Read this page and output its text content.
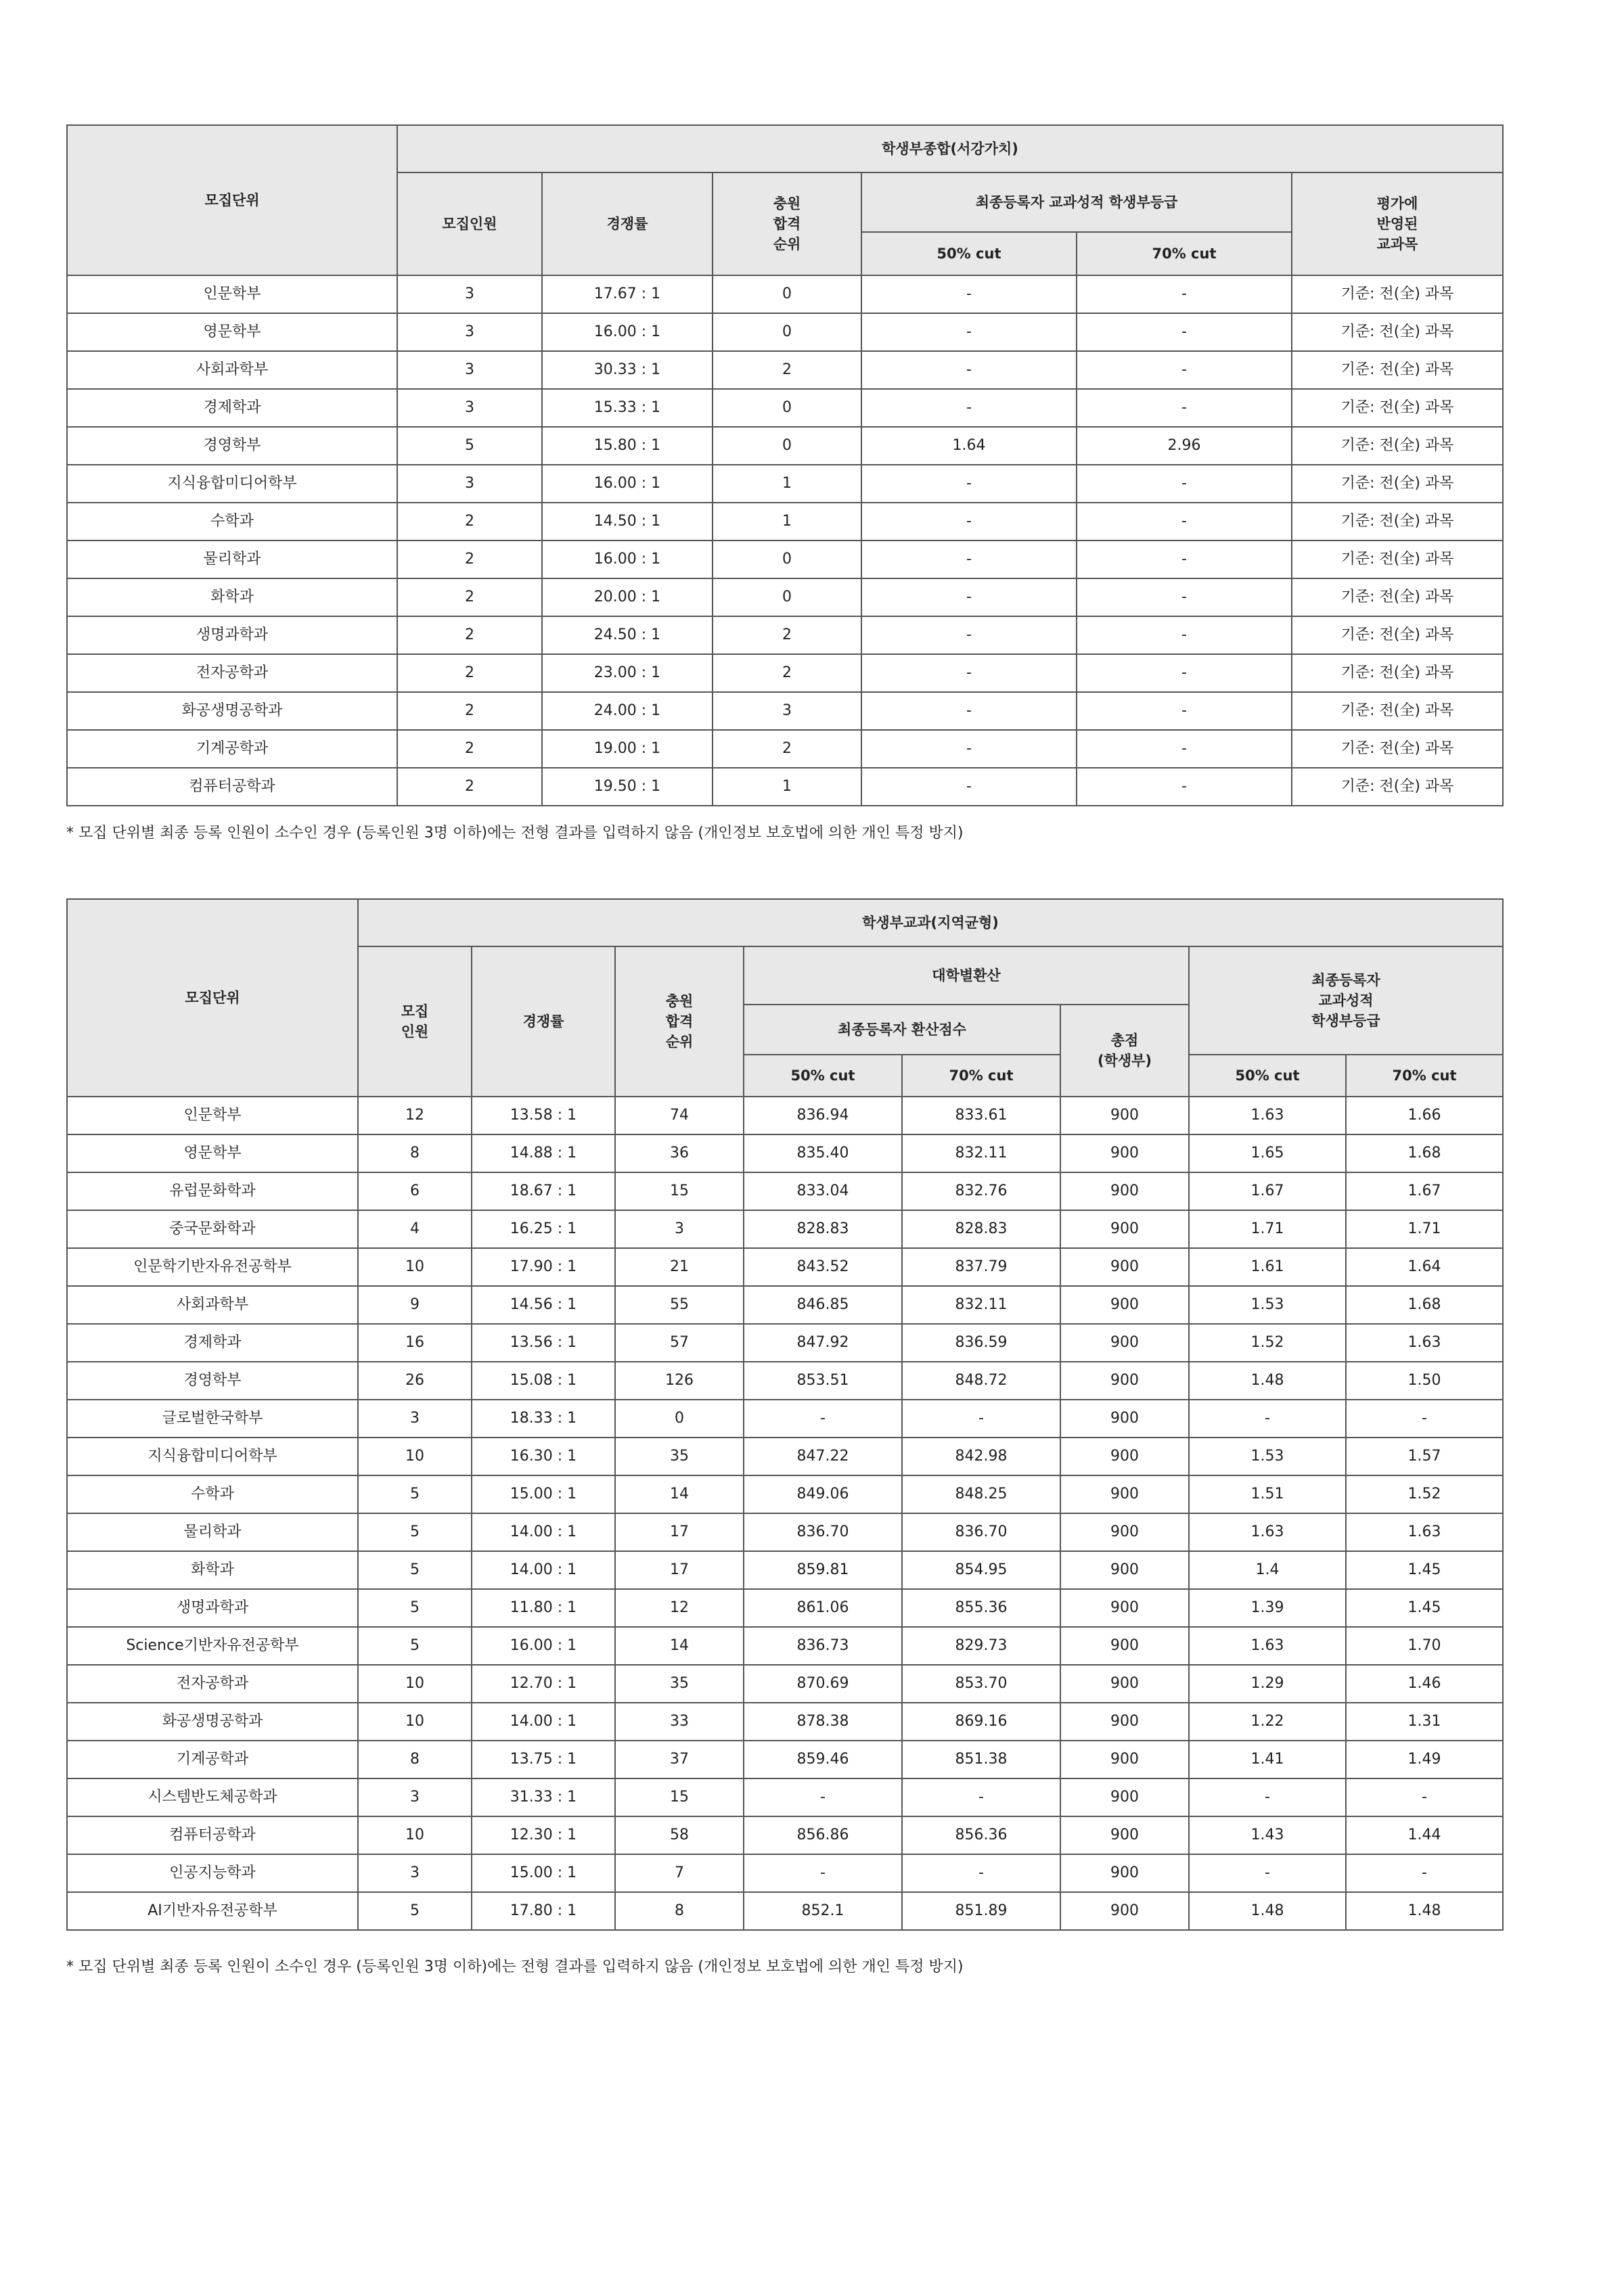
모집단위	학생부종합(서강가치)					
	모집인원	경쟁률	충원
합격
순위	최종등록자 교과성적 학생부등급		평가에
반영된
교과목

				50% cut	70% cut	
인문학부	3	17.67 : 1	0	-	-	기준: 전(全) 과목
영문학부	3	16.00 : 1	0	-	-	기준: 전(全) 과목
사회과학부	3	30.33 : 1	2	-	-	기준: 전(全) 과목
경제학과	3	15.33 : 1	0	-	-	기준: 전(全) 과목
경영학부	5	15.80 : 1	0	1.64	2.96	기준: 전(全) 과목
지식융합미디어학부	3	16.00 : 1	1	-	-	기준: 전(全) 과목
수학과	2	14.50 : 1	1	-	-	기준: 전(全) 과목
물리학과	2	16.00 : 1	0	-	-	기준: 전(全) 과목
화학과	2	20.00 : 1	0	-	-	기준: 전(全) 과목
생명과학과	2	24.50 : 1	2	-	-	기준: 전(全) 과목
전자공학과	2	23.00 : 1	2	-	-	기준: 전(全) 과목
화공생명공학과	2	24.00 : 1	3	-	-	기준: 전(全) 과목
기계공학과	2	19.00 : 1	2	-	-	기준: 전(全) 과목
컴퓨터공학과	2	19.50 : 1	1	-	-	기준: 전(全) 과목
* 모집 단위별 최종 등록 인원이 소수인 경우 (등록인원 3명 이하)에는 전형 결과를 입력하지 않음 (개인정보 보호법에 의한 개인 특정 방지)
모집단위	학생부교과(지역균형)							

	모집
인원	경쟁률	충원
합격
순위	대학별환산			최종등록자
교과성적
학생부등급	

				최종등록자 환산점수		총점
(학생부)		

				50% cut	70% cut		50% cut	70% cut
인문학부	12	13.58 : 1	74	836.94	833.61	900	1.63	1.66
영문학부	8	14.88 : 1	36	835.40	832.11	900	1.65	1.68
유럽문화학과	6	18.67 : 1	15	833.04	832.76	900	1.67	1.67
중국문화학과	4	16.25 : 1	3	828.83	828.83	900	1.71	1.71
인문학기반자유전공학부	10	17.90 : 1	21	843.52	837.79	900	1.61	1.64
사회과학부	9	14.56 : 1	55	846.85	832.11	900	1.53	1.68
경제학과	16	13.56 : 1	57	847.92	836.59	900	1.52	1.63
경영학부	26	15.08 : 1	126	853.51	848.72	900	1.48	1.50
글로벌한국학부	3	18.33 : 1	0	-	-	900	-	-
지식융합미디어학부	10	16.30 : 1	35	847.22	842.98	900	1.53	1.57
수학과	5	15.00 : 1	14	849.06	848.25	900	1.51	1.52
물리학과	5	14.00 : 1	17	836.70	836.70	900	1.63	1.63
화학과	5	14.00 : 1	17	859.81	854.95	900	1.4	1.45
생명과학과	5	11.80 : 1	12	861.06	855.36	900	1.39	1.45
Science기반자유전공학부	5	16.00 : 1	14	836.73	829.73	900	1.63	1.70
전자공학과	10	12.70 : 1	35	870.69	853.70	900	1.29	1.46
화공생명공학과	10	14.00 : 1	33	878.38	869.16	900	1.22	1.31
기계공학과	8	13.75 : 1	37	859.46	851.38	900	1.41	1.49
시스템반도체공학과	3	31.33 : 1	15	-	-	900	-	-
컴퓨터공학과	10	12.30 : 1	58	856.86	856.36	900	1.43	1.44
인공지능학과	3	15.00 : 1	7	-	-	900	-	-
AI기반자유전공학부	5	17.80 : 1	8	852.1	851.89	900	1.48	1.48
* 모집 단위별 최종 등록 인원이 소수인 경우 (등록인원 3명 이하)에는 전형 결과를 입력하지 않음 (개인정보 보호법에 의한 개인 특정 방지)
